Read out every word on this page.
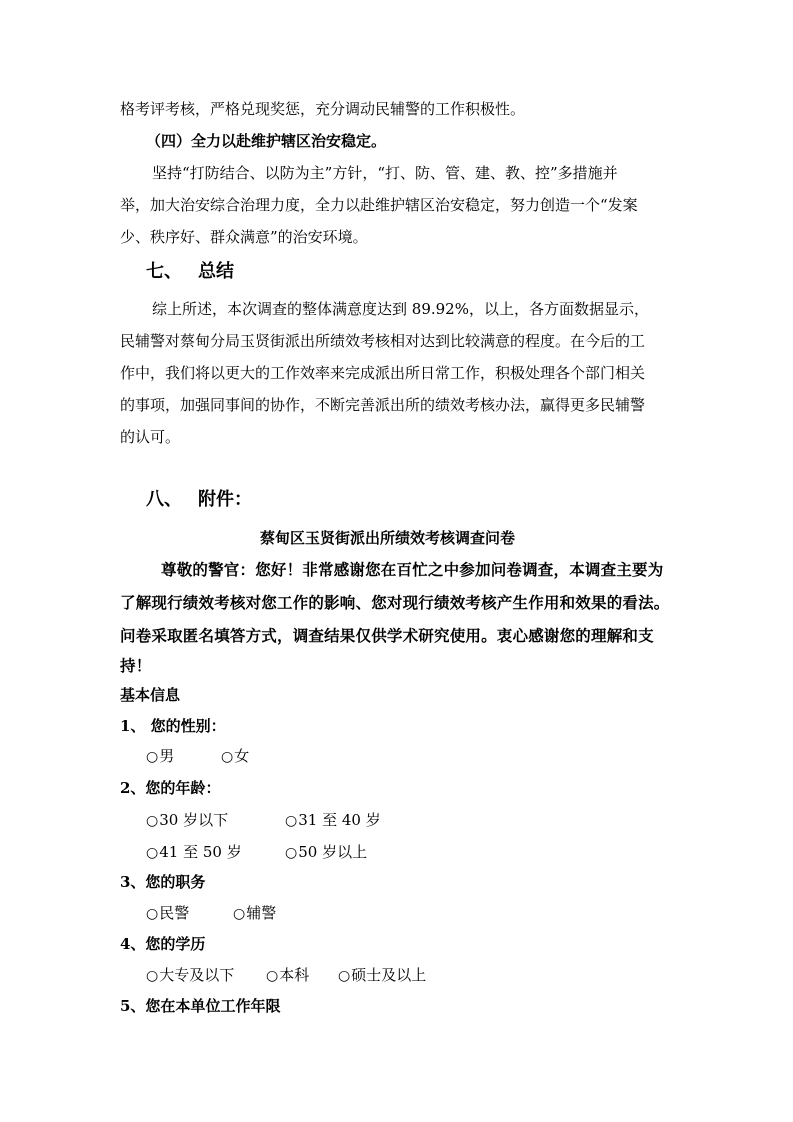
格考评考核，严格兑现奖惩，充分调动民辅警的工作积极性。
（四）全力以赴维护辖区治安稳定。
坚持“打防结合、以防为主”方针，“打、防、管、建、教、控”多措施并
举，加大治安综合治理力度，全力以赴维护辖区治安稳定，努力创造一个“发案
少、秩序好、群众满意”的治安环境。
七、 总结
综上所述，本次调查的整体满意度达到 89.92%，以上，各方面数据显示，
民辅警对蔡甸分局玉贤街派出所绩效考核相对达到比较满意的程度。在今后的工
作中，我们将以更大的工作效率来完成派出所日常工作，积极处理各个部门相关
的事项，加强同事间的协作，不断完善派出所的绩效考核办法，赢得更多民辅警
的认可。
八、 附件：
蔡甸区玉贤街派出所绩效考核调查问卷
尊敬的警官：您好！非常感谢您在百忙之中参加问卷调查，本调查主要为
了解现行绩效考核对您工作的影响、您对现行绩效考核产生作用和效果的看法。
问卷采取匿名填答方式，调查结果仅供学术研究使用。衷心感谢您的理解和支
持！
基本信息
1、 您的性别：
○男	○女
2、您的年龄：
○30 岁以下	○31 至 40 岁
○41 至 50 岁	○50 岁以上
3、您的职务
○民警	○辅警
4、您的学历
○大专及以下 ○本科 ○硕士及以上
5、您在本单位工作年限
